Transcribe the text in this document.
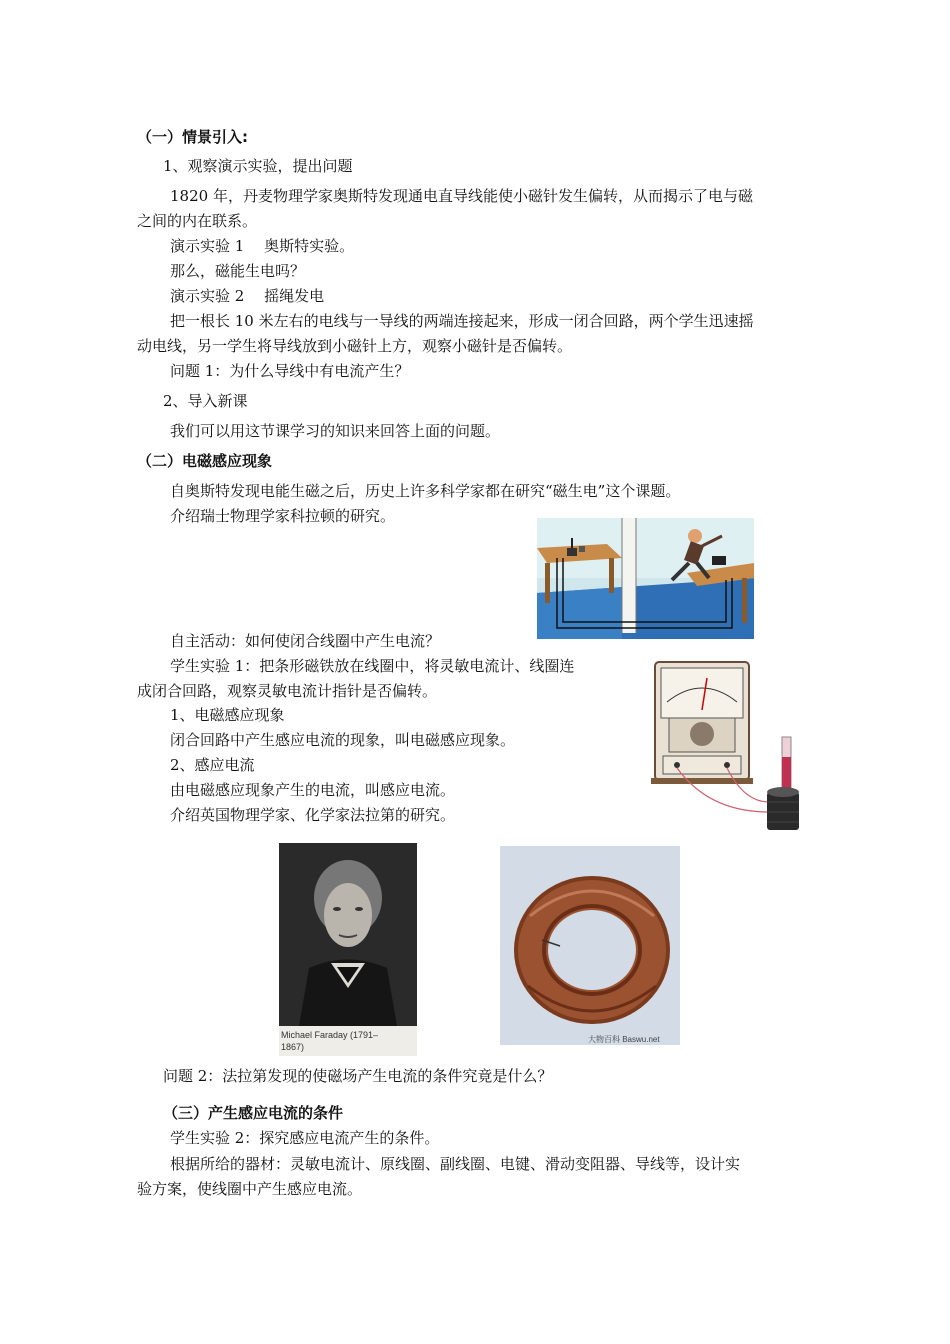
（一）情景引入:
1、观察演示实验，提出问题
1820 年，丹麦物理学家奥斯特发现通电直导线能使小磁针发生偏转，从而揭示了电与磁
之间的内在联系。
演示实验 1　 奥斯特实验。
那么，磁能生电吗？
演示实验 2　 摇绳发电
把一根长 10 米左右的电线与一导线的两端连接起来，形成一闭合回路，两个学生迅速摇
动电线，另一学生将导线放到小磁针上方，观察小磁针是否偏转。
问题 1：为什么导线中有电流产生？
2、导入新课
我们可以用这节课学习的知识来回答上面的问题。
（二）电磁感应现象
自奥斯特发现电能生磁之后，历史上许多科学家都在研究“磁生电”这个课题。
介绍瑞士物理学家科拉顿的研究。
自主活动：如何使闭合线圈中产生电流？
学生实验 1：把条形磁铁放在线圈中，将灵敏电流计、线圈连
成闭合回路，观察灵敏电流计指针是否偏转。
1、电磁感应现象
闭合回路中产生感应电流的现象，叫电磁感应现象。
2、感应电流
由电磁感应现象产生的电流，叫感应电流。
介绍英国物理学家、化学家法拉第的研究。
Michael Faraday (1791–
1867)
大物百科 Baswu.net
问题 2：法拉第发现的使磁场产生电流的条件究竟是什么？
（三）产生感应电流的条件
学生实验 2：探究感应电流产生的条件。
根据所给的器材：灵敏电流计、原线圈、副线圈、电键、滑动变阻器、导线等，设计实
验方案，使线圈中产生感应电流。
